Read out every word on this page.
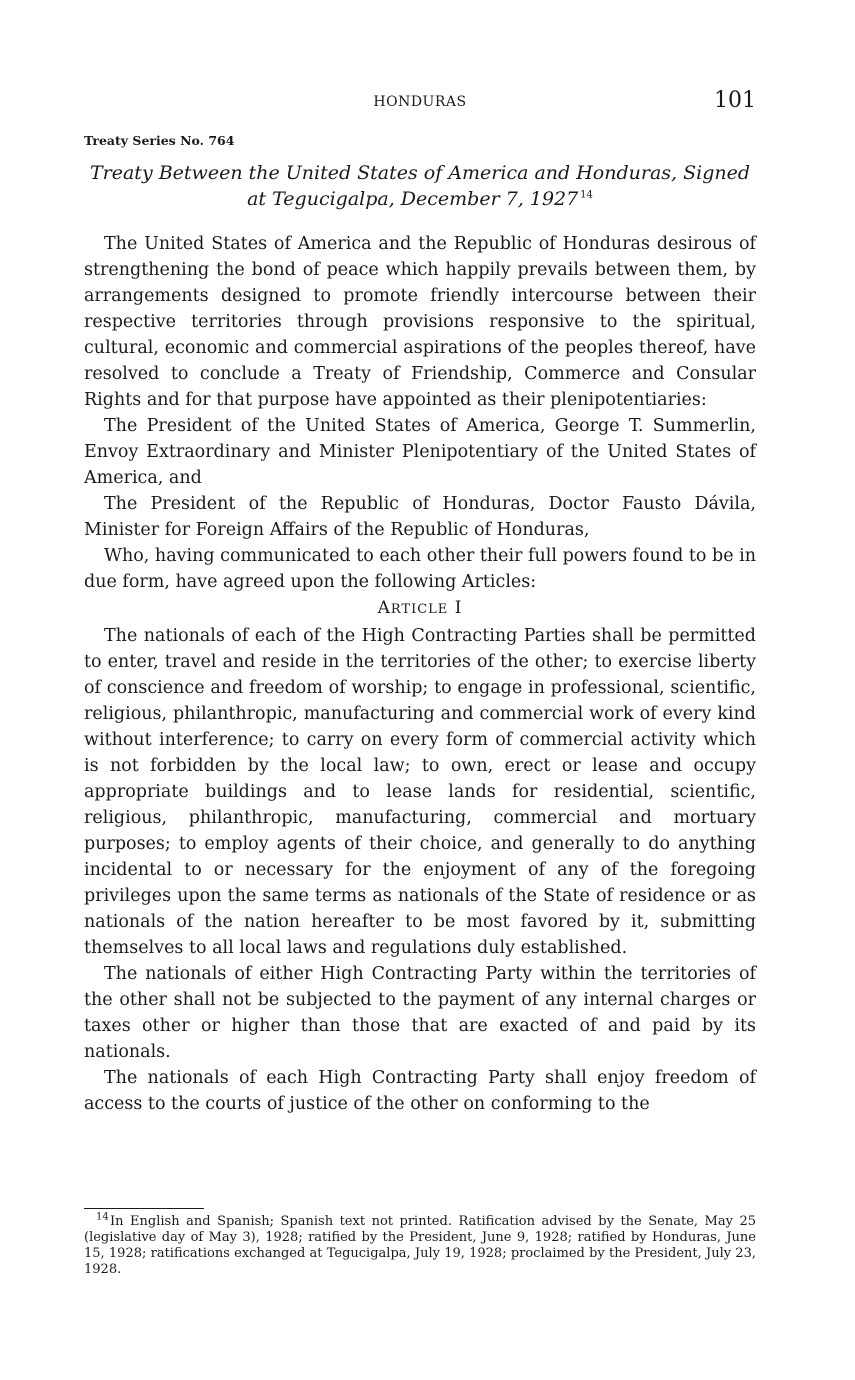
HONDURAS	101
Treaty Series No. 764
Treaty Between the United States of America and Honduras, Signed
at Tegucigalpa, December 7, 1927  $^{14}$

The United States of America and the Republic of Honduras desirous of strengthening the bond of peace which happily prevails between them, by arrangements designed to promote friendly intercourse between their respective territories through provisions responsive to the spiritual, cultural, economic and commercial aspirations of the peoples thereof, have resolved to conclude a Treaty of Friendship, Commerce and Consular Rights and for that purpose have appointed as their plenipotentiaries:

The President of the United States of America, George T. Summerlin, Envoy Extraordinary and Minister Plenipotentiary of the United States of America, and

The President of the Republic of Honduras, Doctor Fausto Dávila, Minister for Foreign Affairs of the Republic of Honduras,

Who, having communicated to each other their full powers found to be in due form, have agreed upon the following Articles:

ARTICLE I

The nationals of each of the High Contracting Parties shall be permitted to enter, travel and reside in the territories of the other; to exercise liberty of conscience and freedom of worship; to engage in professional, scientific, religious, philanthropic, manufacturing and commercial work of every kind without interference; to carry on every form of commercial activity which is not forbidden by the local law; to own, erect or lease and occupy appropriate buildings and to lease lands for residential, scientific, religious, philanthropic, manufacturing, commercial and mortuary purposes; to employ agents of their choice, and generally to do anything incidental to or necessary for the enjoyment of any of the foregoing privileges upon the same terms as nationals of the State of residence or as nationals of the nation hereafter to be most favored by it, submitting themselves to all local laws and regulations duly established.

The nationals of either High Contracting Party within the territories of the other shall not be subjected to the payment of any internal charges or taxes other or higher than those that are exacted of and paid by its nationals.

The nationals of each High Contracting Party shall enjoy freedom of access to the courts of justice of the other on conforming to the

$^{14}$ In English and Spanish; Spanish text not printed. Ratification advised by the Senate, May 25 (legislative day of May 3), 1928; ratified by the President, June 9, 1928; ratified by Honduras, June 15, 1928; ratifications exchanged at Tegucigalpa, July 19, 1928; proclaimed by the President, July 23, 1928.
